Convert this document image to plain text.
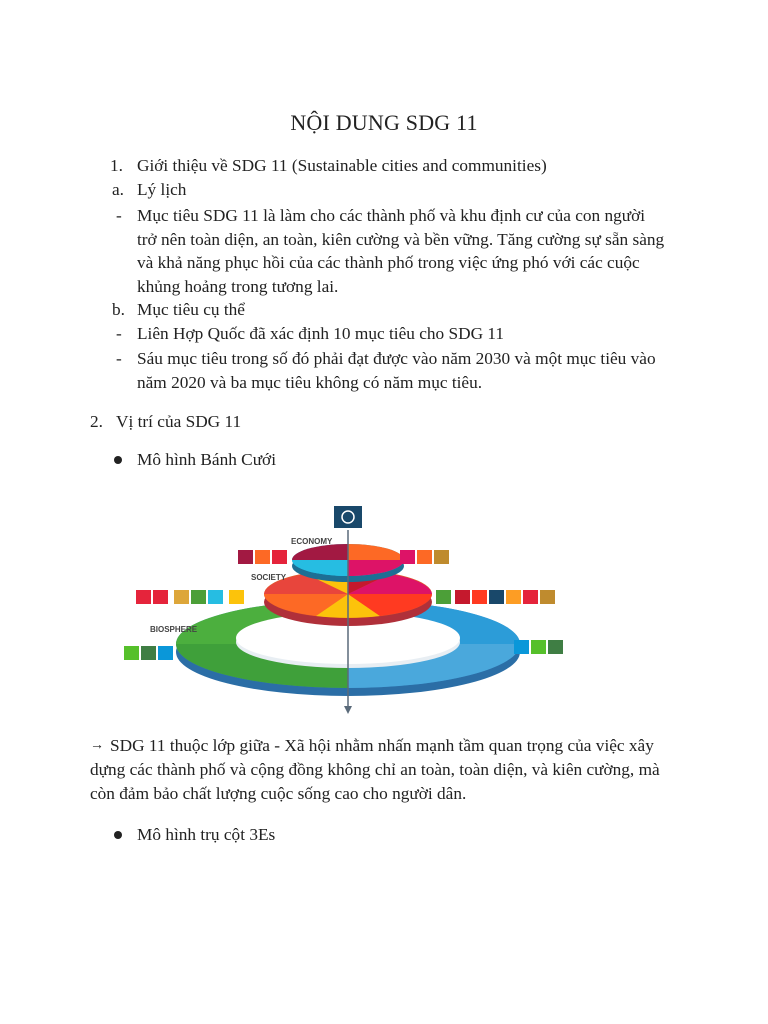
NỘI DUNG SDG 11
1. Giới thiệu về SDG 11 (Sustainable cities and communities)
a. Lý lịch
- Mục tiêu SDG 11 là làm cho các thành phố và khu định cư của con người
trở nên toàn diện, an toàn, kiên cường và bền vững. Tăng cường sự sẵn sàng
và khả năng phục hồi của các thành phố trong việc ứng phó với các cuộc
khủng hoảng trong tương lai.
b. Mục tiêu cụ thể
- Liên Hợp Quốc đã xác định 10 mục tiêu cho SDG 11
- Sáu mục tiêu trong số đó phải đạt được vào năm 2030 và một mục tiêu vào
năm 2020 và ba mục tiêu không có năm mục tiêu.
2. Vị trí của SDG 11
Mô hình Bánh Cưới
ECONOMY
SOCIETY
BIOSPHERE
→ SDG 11 thuộc lớp giữa - Xã hội nhằm nhấn mạnh tầm quan trọng của việc xây
dựng các thành phố và cộng đồng không chỉ an toàn, toàn diện, và kiên cường, mà
còn đảm bảo chất lượng cuộc sống cao cho người dân.
Mô hình trụ cột 3Es
